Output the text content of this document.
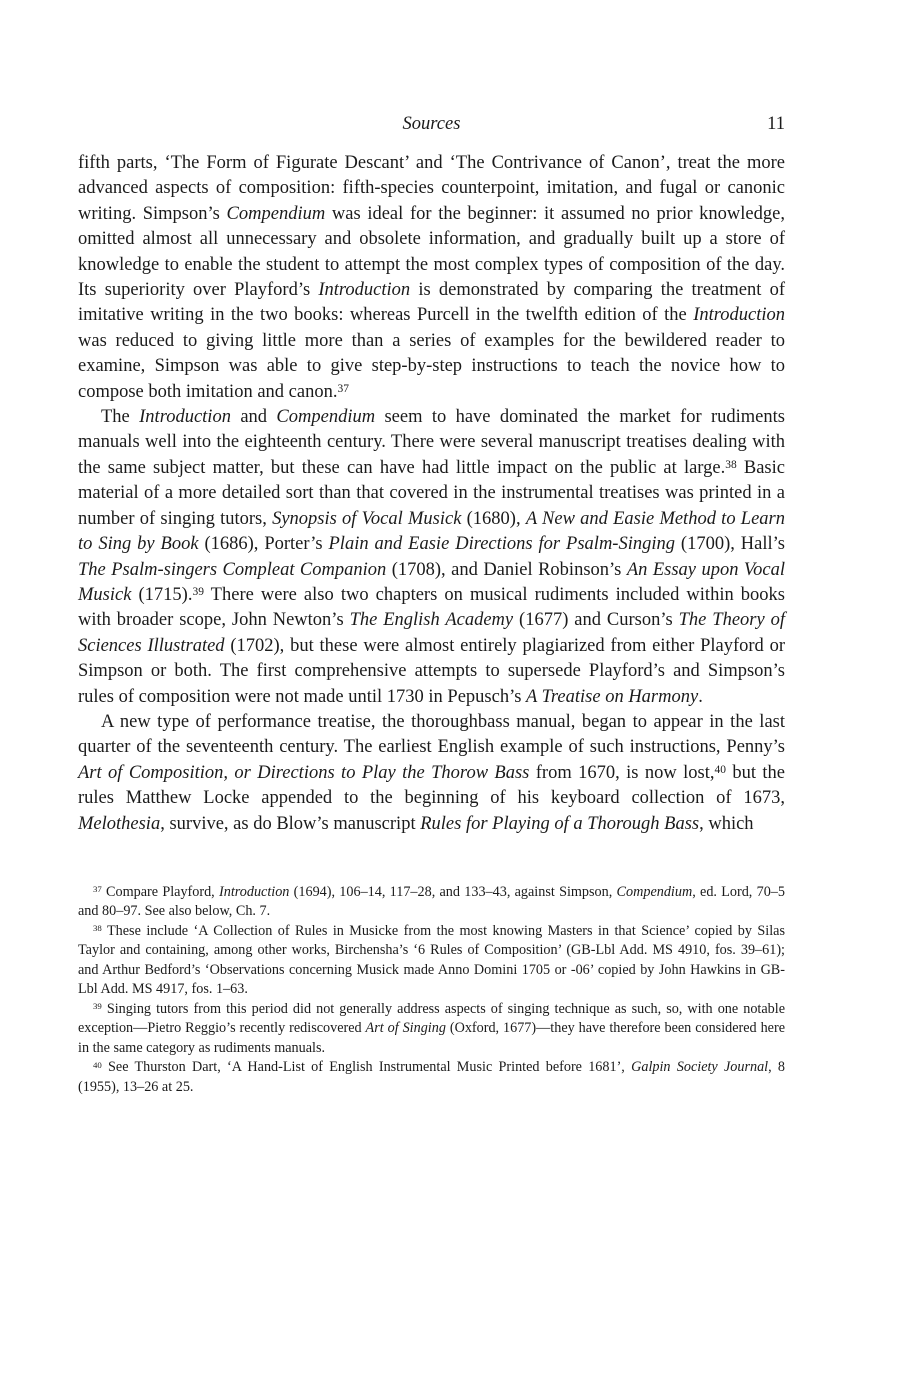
Sources	11

fifth parts, ‘The Form of Figurate Descant’ and ‘The Contrivance of Canon’, treat the more advanced aspects of composition: fifth-species counterpoint, imitation, and fugal or canonic writing. Simpson’s Compendium was ideal for the beginner: it assumed no prior knowledge, omitted almost all unnecessary and obsolete information, and gradually built up a store of knowledge to enable the student to attempt the most complex types of composition of the day. Its superiority over Playford’s Introduction is demonstrated by comparing the treatment of imitative writing in the two books: whereas Purcell in the twelfth edition of the Introduction was reduced to giving little more than a series of examples for the bewildered reader to examine, Simpson was able to give step-by-step instructions to teach the novice how to compose both imitation and canon.$^{37}$

The Introduction and Compendium seem to have dominated the market for rudiments manuals well into the eighteenth century. There were several manuscript treatises dealing with the same subject matter, but these can have had little impact on the public at large.$^{38}$ Basic material of a more detailed sort than that covered in the instrumental treatises was printed in a number of singing tutors, Synopsis of Vocal Musick (1680), A New and Easie Method to Learn to Sing by Book (1686), Porter’s Plain and Easie Directions for Psalm-Singing (1700), Hall’s The Psalm-singers Compleat Companion (1708), and Daniel Robinson’s An Essay upon Vocal Musick (1715).$^{39}$ There were also two chapters on musical rudiments included within books with broader scope, John Newton’s The English Academy (1677) and Curson’s The Theory of Sciences Illustrated (1702), but these were almost entirely plagiarized from either Playford or Simpson or both. The first comprehensive attempts to supersede Playford’s and Simpson’s rules of composition were not made until 1730 in Pepusch’s A Treatise on Harmony.

A new type of performance treatise, the thoroughbass manual, began to appear in the last quarter of the seventeenth century. The earliest English example of such instructions, Penny’s Art of Composition, or Directions to Play the Thorow Bass from 1670, is now lost,$^{40}$ but the rules Matthew Locke appended to the beginning of his keyboard collection of 1673, Melothesia, survive, as do Blow’s manuscript Rules for Playing of a Thorough Bass, which

$^{37}$ Compare Playford, Introduction (1694), 106–14, 117–28, and 133–43, against Simpson, Compendium, ed. Lord, 70–5 and 80–97. See also below, Ch. 7.

$^{38}$ These include ‘A Collection of Rules in Musicke from the most knowing Masters in that Science’ copied by Silas Taylor and containing, among other works, Birchensha’s ‘6 Rules of Composition’ (GB-Lbl Add. MS 4910, fos. 39–61); and Arthur Bedford’s ‘Observations concerning Musick made Anno Domini 1705 or -06’ copied by John Hawkins in GB-Lbl Add. MS 4917, fos. 1–63.

$^{39}$ Singing tutors from this period did not generally address aspects of singing technique as such, so, with one notable exception—Pietro Reggio’s recently rediscovered Art of Singing (Oxford, 1677)—they have therefore been considered here in the same category as rudiments manuals.

$^{40}$ See Thurston Dart, ‘A Hand-List of English Instrumental Music Printed before 1681’, Galpin Society Journal, 8 (1955), 13–26 at 25.
